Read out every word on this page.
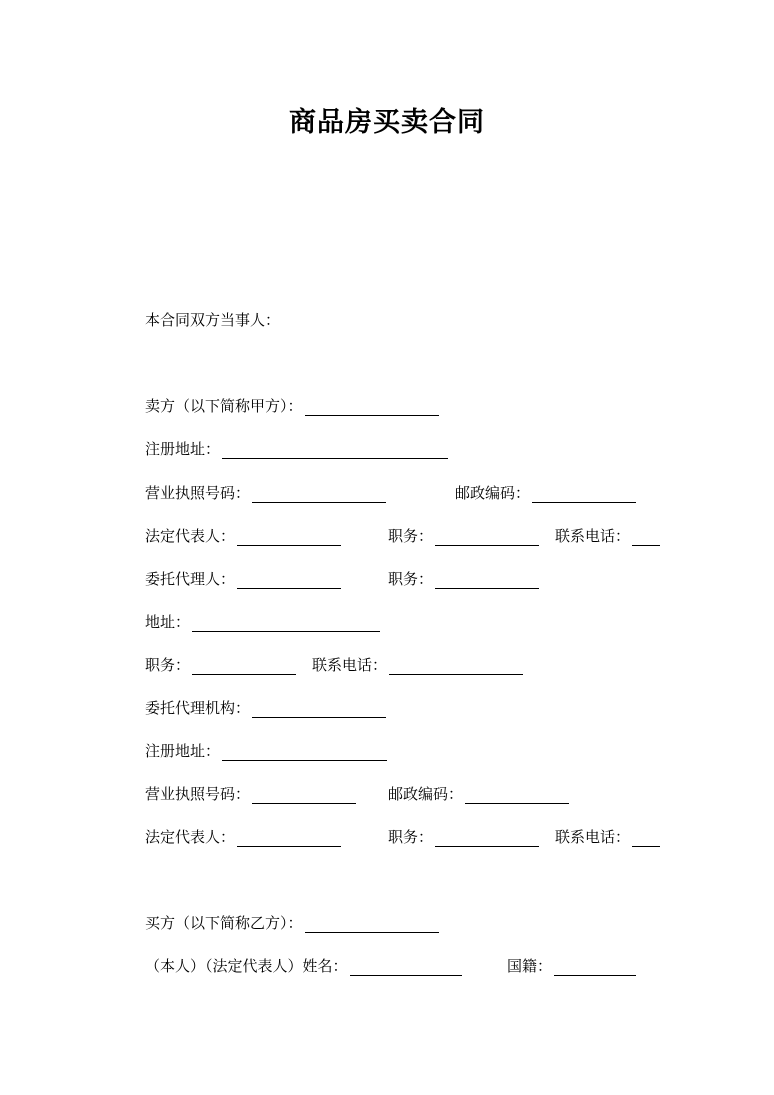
商品房买卖合同
本合同双方当事人：
卖方（以下简称甲方）：
注册地址：
营业执照号码：	邮政编码：
法定代表人：	职务：	联系电话：
委托代理人：	职务：
地址：
职务：	联系电话：
委托代理机构：
注册地址：
营业执照号码：	邮政编码：
法定代表人：	职务：	联系电话：
买方（以下简称乙方）：
（本人）（法定代表人）姓名：	国籍：
